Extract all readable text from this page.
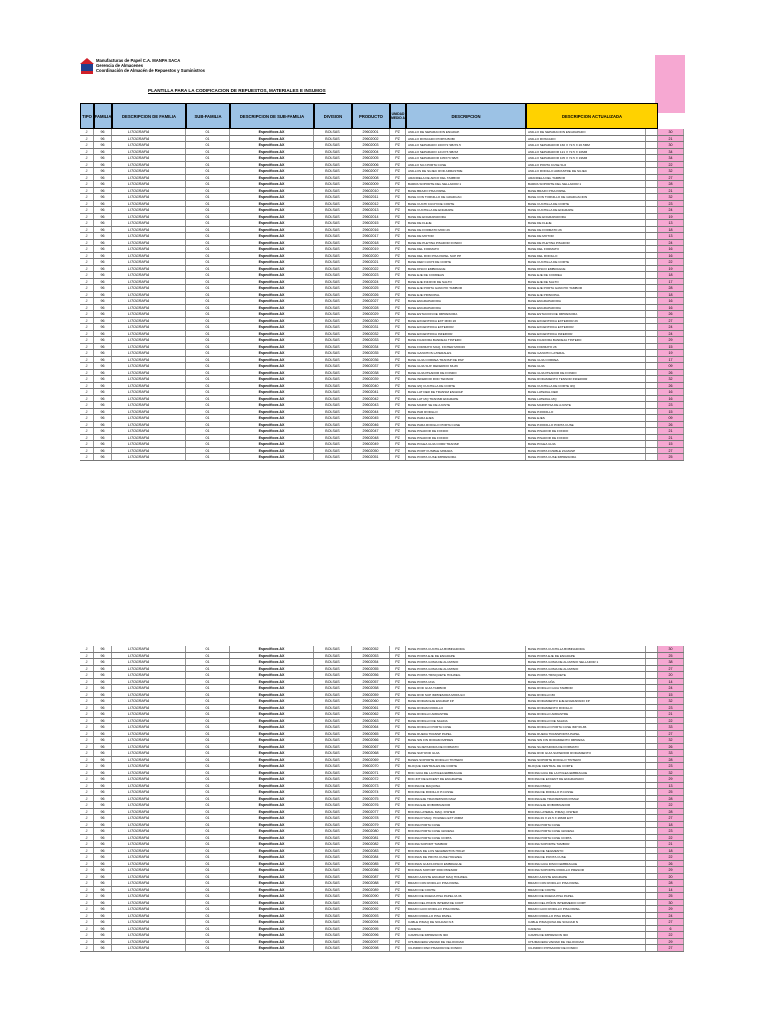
Manufacturas de Papel C.A. MANPA SACA
Gerencia de Almacenes
Coordinación de Almacén de Repuestos y Suministros
PLANTILLA PARA LA CODIFICACION DE REPUESTOS, MATERIALES E INSUMOS
TIPO FAMILIA	DESCRIPCION DE FAMILIA	SUB-FAMILIA	DESCRIPCION DE SUB-FAMILIA	DIVISION	PRODUCTO	UNIDAD MEDID A	DESCRIPCION	DESCRIPCION ACTUALIZADA
J	96	LITOGRAFIA	01	Especificos AX	BOLSAS	29602001	PZ	ANILLO DE SEPARACION ENGRAP.	ANILLO DE SEPARACION ENGRAPADO	30
J	96	LITOGRAFIA	01	Especificos AX	BOLSAS	29602002	PZ	ANILLO ROSCADO PORTA BOBI	ANILLO ROSCADO	21
J	96	LITOGRAFIA	01	Especificos AX	BOLSAS	29602003	PZ	ANILLO SEPARADO 160X72 SB/XS 5	ANILLO SEPARADOR 160 X 72.5 X 20.5MM	30
J	96	LITOGRAFIA	01	Especificos AX	BOLSAS	29602004	PZ	ANILLO SEPARADO 121X73 SB/XZ	ANILLO SEPARADOR 121 X 72.5 X 10MM	34
J	96	LITOGRAFIA	01	Especificos AX	BOLSAS	29602005	PZ	ANILLO SEPARADOR 105X73 SB/X	ANILLO SEPARADOR 105 X 72.5 X 19MM	34
J	96	LITOGRAFIA	01	Especificos AX	BOLSAS	29602006	PZ	ANILLO SUJ.PORTA CUSE	ANILLO PORTA CUSE SUJ	22
J	96	LITOGRAFIA	01	Especificos AX	BOLSAS	29602007	PZ	ANILLOS DE SUJEC ROD ARRASTRE	ANILLO RODILLO ARRASTRE DE SUJEC	32
J	96	LITOGRAFIA	01	Especificos AX	BOLSAS	29602008	PZ	ARANDELA DE ARCO DEL TAMBOR	ARANDELA DEL TAMBOR	27
J	96	LITOGRAFIA	01	Especificos AX	BOLSAS	29602009	PZ	BARRA SOPORTE DEL SELLADOR 1	BARRA SOPORTE DEL SELLADOR 1	28
J	96	LITOGRAFIA	01	Especificos AX	BOLSAS	29602010	PZ	BASE BRAZO PISA PAPEL	BASE BRAZO PISA PAPEL	21
J	96	LITOGRAFIA	01	Especificos AX	BOLSAS	29602011	PZ	BASE CON TORNILLO DE GRADUAC	BASE CON TORNILLO DE GRADUACION	32
J	96	LITOGRAFIA	01	Especificos AX	BOLSAS	29602012	PZ	BASE CUCHI CUCHI DE CORTE	BASE CUCHILLA DE CORTE	23
J	96	LITOGRAFIA	01	Especificos AX	BOLSAS	29602013	PZ	BASE CUCHILLA DE ENGRAPE	BASE CUCHILLA DE ENGRAPE	24
J	96	LITOGRAFIA	01	Especificos AX	BOLSAS	29602014	PZ	BASE DE ENGRAPADORA	BASE DE ENGRAPADORA	19
J	96	LITOGRAFIA	01	Especificos AX	BOLSAS	29602015	PZ	BASE DE FLEJE	BASE DE FLEJE	13
J	96	LITOGRAFIA	01	Especificos AX	BOLSAS	29602016	PZ	BASE DE FORMATO MOD 26	BASE DE FORMATO 26	18
J	96	LITOGRAFIA	01	Especificos AX	BOLSAS	29602017	PZ	BASE DE MOTOR	BASE DE MOTOR	13
J	96	LITOGRAFIA	01	Especificos AX	BOLSAS	29602018	PZ	BASE DE PLETINA PISADOR FONDO	BASE DE PLETINA PISADOR	24
J	96	LITOGRAFIA	01	Especificos AX	BOLSAS	29602019	PZ	BASE DEL FORMATO	BASE DEL FORMATO	16
J	96	LITOGRAFIA	01	Especificos AX	BOLSAS	29602020	PZ	BASE DEL ROD PISA PAPEL SUP PP	BASE DEL RODILLO	16
J	96	LITOGRAFIA	01	Especificos AX	BOLSAS	29602021	PZ	BASE DER CUCHI DE CORTE	BASE CUCHILLA DE CORTE	22
J	96	LITOGRAFIA	01	Especificos AX	BOLSAS	29602022	PZ	BASE DISCO EMBRAGUE	BASE DISCO EMBRAGUE	19
J	96	LITOGRAFIA	01	Especificos AX	BOLSAS	29602023	PZ	BASE EJE DE CORREAS	BASE EJE DE CORREA	18
J	96	LITOGRAFIA	01	Especificos AX	BOLSAS	29602024	PZ	BASE EJE INF.ROD DE SALTO	BASE EJE DE SALTO	17
J	96	LITOGRAFIA	01	Especificos AX	BOLSAS	29602025	PZ	BASE EJE PORTA GANCHO TAMBOR	BASE EJE PORTA GANCHO TAMBOR	28
J	96	LITOGRAFIA	01	Especificos AX	BOLSAS	29602026	PZ	BASE EJE PRINCIPAL	BASE EJE PRINCIPAL	18
J	96	LITOGRAFIA	01	Especificos AX	BOLSAS	29602027	PZ	BASE ENGRAPADORA	BASE ENGRAPADORA	16
J	96	LITOGRAFIA	01	Especificos AX	BOLSAS	29602028	PZ	BASE ENGRAPADORA	BASE ENGRAPADORA	16
J	96	LITOGRAFIA	01	Especificos AX	BOLSAS	29602029	PZ	BASE ESTACION DE IMPRESORA	BASE ESTACION DE IMPRESORA	26
J	96	LITOGRAFIA	01	Especificos AX	BOLSAS	29602030	PZ	BASE EXCENTRICA EXT MOD 26	BASE EXCENTRICA EXTERIOR 26	27
J	96	LITOGRAFIA	01	Especificos AX	BOLSAS	29602031	PZ	BASE EXCENTRICA EXTERIOR	BASE EXCENTRICA EXTERIOR	24
J	96	LITOGRAFIA	01	Especificos AX	BOLSAS	29602032	PZ	BASE EXCENTRICA INFERIOR	BASE EXCENTRICA INFERIOR	24
J	96	LITOGRAFIA	01	Especificos AX	BOLSAS	29602033	PZ	BASE FUADORA BANDEJA TINTERO	BASE FUADORA BANDEJA TINTERO	29
J	96	LITOGRAFIA	01	Especificos AX	BOLSAS	29602034	PZ	BASE FORMATO MAQ. FICHER MOD26	BASE FORMATO 26	15
J	96	LITOGRAFIA	01	Especificos AX	BOLSAS	29602035	PZ	BASE GANCHOS LATERALES	BASE GANCHO LATERAL	19
J	96	LITOGRAFIA	01	Especificos AX	BOLSAS	29602036	PZ	BASE GUIA CORREA TRANSP DE PAP	BASE GUIA CORREA	17
J	96	LITOGRAFIA	01	Especificos AX	BOLSAS	29602037	PZ	BASE GUIA SUP. REFERIDO 66-86	BASE GUIA	09
J	96	LITOGRAFIA	01	Especificos AX	BOLSAS	29602038	PZ	BASE GUIA PISADOR DE FONDO	BASE GUIA PISADOR DE FONDO	26
J	96	LITOGRAFIA	01	Especificos AX	BOLSAS	29602039	PZ	BASE INFERIOR ROD TENSOR	BASE RODAMIENTO TENSOR INFERIOR	32
J	96	LITOGRAFIA	01	Especificos AX	BOLSAS	29602040	PZ	BASE IZQ CUCHILLA DE CORTE	BASE CUCHILLA DE CORTE IZQ	26
J	96	LITOGRAFIA	01	Especificos AX	BOLSAS	29602041	PZ	BASE LAT DER DE TRANSM ENGRAP	BASE LATERAL DER	16
J	96	LITOGRAFIA	01	Especificos AX	BOLSAS	29602042	PZ	BASE LAT IZQ TRANSM ENGRAPE	BASE LATERAL IZQ	16
J	96	LITOGRAFIA	01	Especificos AX	BOLSAS	29602043	PZ	BASE MARIP. SE DE AJUSTE	BASE MARIPOSA DE AJUSTE	23
J	96	LITOGRAFIA	01	Especificos AX	BOLSAS	29602044	PZ	BASE PAR RODILLO	BASE P.RODILLO	15
J	96	LITOGRAFIA	01	Especificos AX	BOLSAS	29602045	PZ	BASE PARA EJES	BASE EJES	09
J	96	LITOGRAFIA	01	Especificos AX	BOLSAS	29602046	PZ	BASE PARA RODILLO PORTA CUSE	BASE P.RODILLO PORTA CUSE	26
J	96	LITOGRAFIA	01	Especificos AX	BOLSAS	29602047	PZ	BASE PISADOR DE FONDO	BASE PISADOR DE FONDO	21
J	96	LITOGRAFIA	01	Especificos AX	BOLSAS	29602048	PZ	BASE PISADOR DE FONDO	BASE PISADOR DE FONDO	21
J	96	LITOGRAFIA	01	Especificos AX	BOLSAS	29602049	PZ	BASE POLEA GUIA CORR TRANSP.	BASE POLEA GUIA	15
J	96	LITOGRAFIA	01	Especificos AX	BOLSAS	29602050	PZ	BASE PORT FUSIBLE M/MARA	BASE PORTA FUSIBLE Z/LMASP	27
J	96	LITOGRAFIA	01	Especificos AX	BOLSAS	29602051	PZ	BASE PORTA CUSE IMPRESORA	BASE PORTA CUSE IMPRESORA	25
J	96	LITOGRAFIA	01	Especificos AX	BOLSAS	29602052	PZ	BASE PORTA CUCHILLA BOBINADORA	BASE PORTA CUCHILLA BOBINADORA	30
J	96	LITOGRAFIA	01	Especificos AX	BOLSAS	29602053	PZ	BASE PORTA EJE DE ENGRAPE	BASE PORTA EJE DE ENGRAPE	25
J	96	LITOGRAFIA	01	Especificos AX	BOLSAS	29602054	PZ	BASE PORTA GOMA DE ALUMINIO	BASE PORTA GOMA DE ALUMINIO SELLADOR 1	38
J	96	LITOGRAFIA	01	Especificos AX	BOLSAS	29602055	PZ	BASE PORTA GOMA DE ALUMINIO	BASE PORTA GOMA DE ALUMINIO	27
J	96	LITOGRAFIA	01	Especificos AX	BOLSAS	29602056	PZ	BASE PORTA TRINQUETE HOLWEG	BASE PORTA TRINQUETE	20
J	96	LITOGRAFIA	01	Especificos AX	BOLSAS	29602057	PZ	BASE PORTA UNA	BASE PORTA UÑA	14
J	96	LITOGRAFIA	01	Especificos AX	BOLSAS	29602058	PZ	BASE ROD GUIA TAMBOR	BASE RODILLO GUIA TAMBOR	24
J	96	LITOGRAFIA	01	Especificos AX	BOLSAS	29602059	PZ	BASE ROD SUP IMPRESORA MODULO	BASE RODILLO 80	15
J	96	LITOGRAFIA	01	Especificos AX	BOLSAS	29602060	PZ	BASE RODAM EJE ENGRAP FP	BASE RODAMIENTO EJE ENGRAPADO FP	32
J	96	LITOGRAFIA	01	Especificos AX	BOLSAS	29602061	PZ	BASE RODAM RODILLO	BASE RODAMIENTO RODILLO	23
J	96	LITOGRAFIA	01	Especificos AX	BOLSAS	29602062	PZ	BASE RODILLO ARRASTRE	BASE RODILLO ARRASTRE	21
J	96	LITOGRAFIA	01	Especificos AX	BOLSAS	29602063	PZ	BASE RODILLO DE SALIDA	BASE RODILLO DE SALIDA	22
J	96	LITOGRAFIA	01	Especificos AX	BOLSAS	29602064	PZ	BASE RODILLO PORTA CUSE	BASE RODILLO PORTA CUSE IMP 66-86	33
J	96	LITOGRAFIA	01	Especificos AX	BOLSAS	29602065	PZ	BASE RUEDA TRANSP PAPEL	BASE RUEDA TRANSPORTA PAPEL	27
J	96	LITOGRAFIA	01	Especificos AX	BOLSAS	29602066	PZ	BASE SIN FIN RODAM IMPRES	BASE SIN FIN RODAMIENTO IMPRESA	32
J	96	LITOGRAFIA	01	Especificos AX	BOLSAS	29602067	PZ	BASE SUJETADORA DE FORMATO	BASE SUJETADORA DE FORMATO	26
J	96	LITOGRAFIA	01	Especificos AX	BOLSAS	29602068	PZ	BASE SUP ROD GUIA	BASE ROD GUIA SUPERIOR RODAMIENTO	33
J	96	LITOGRAFIA	01	Especificos AX	BOLSAS	29602069	PZ	BASES SOPORTE RODILLO TINTERO	BASE SOPORTE RODILLO TINTERO	28
J	96	LITOGRAFIA	01	Especificos AX	BOLSAS	29602070	PZ	BLOQUE CENTRALES DE CORTE	BLOQUE CENTRAL DE CORTE	23
J	96	LITOGRAFIA	01	Especificos AX	BOLSAS	29602071	PZ	BOC GUIA DE LA POLEA EMBRAGUE	BOCINA GUIA DE LA POLEA EMBRAGUE	32
J	96	LITOGRAFIA	01	Especificos AX	BOLSAS	29602072	PZ	BOC.INT DE EXCENT DE ENGRAPSE	BOCINA DE EXCENT DE ENGRAPADO	29
J	96	LITOGRAFIA	01	Especificos AX	BOLSAS	29602073	PZ	BOCINA DE MAQUINA	BOCINA P/MAQ	13
J	96	LITOGRAFIA	01	Especificos AX	BOLSAS	29602074	PZ	BOCINA DE RODILLO P.CUSSE	BOCINA DE RODILLO P.CUSSE	25
J	96	LITOGRAFIA	01	Especificos AX	BOLSAS	29602075	PZ	BOCINA EJE TRANSMISION MAZ	BOCINA EJE TRANSMISION P/MAZ	28
J	96	LITOGRAFIA	01	Especificos AX	BOLSAS	29602076	PZ	BOCINA EJE ROBOBINADOR	BOCINA EJE ROBOBINADOR	22
J	96	LITOGRAFIA	01	Especificos AX	BOLSAS	29602077	PZ	BOCINA LATERAL MAQ. FISHER	BOCINA LATERAL P/MAQ. FISHER	28
J	96	LITOGRAFIA	01	Especificos AX	BOLSAS	29602078	PZ	BOCINA P/ MAQ. HOLWEG EXT 29MM	BOCINA 29 X 22.5 X 26MM EXT	27
J	96	LITOGRAFIA	01	Especificos AX	BOLSAS	29602079	PZ	BOCINA PORTA CUSE	BOCINA PORTA CUSE	18
J	96	LITOGRAFIA	01	Especificos AX	BOLSAS	29602080	PZ	BOCINA PORTA CUSE GRUESA	BOCINA PORTA CUSE GRUESA	23
J	96	LITOGRAFIA	01	Especificos AX	BOLSAS	29602081	PZ	BOCINA PORTA CUSE CORTA	BOCINA PORTA CUSE CORTA	22
J	96	LITOGRAFIA	01	Especificos AX	BOLSAS	29602082	PZ	BOCINA SOPORT TAMBOR	BOCINA SOPORTE TAMBOR	21
J	96	LITOGRAFIA	01	Especificos AX	BOLSAS	29602083	PZ	BOCINAS DE LOS SEGMENTOS HOLW	BOCINA DE SEGMENTO	18
J	96	LITOGRAFIA	01	Especificos AX	BOLSAS	29602084	PZ	BOCINAS DE PROTA CUSE HOLWEG	BOCINA DE P.ROTA CUSE	22
J	96	LITOGRAFIA	01	Especificos AX	BOLSAS	29602085	PZ	BOCINAS GUIAS DISCO EMBRAGUE	BOCINA GUIA DISCO EMBRAGUE	26
J	96	LITOGRAFIA	01	Especificos AX	BOLSAS	29602086	PZ	BOCINAS SOPORT ROD PRESOR	BOCINA SOPORTE RODILLO PRESOR	29
J	96	LITOGRAFIA	01	Especificos AX	BOLSAS	29602087	PZ	BRAZO AJUSTE ENGRAP MAQ HOLWEG	BRAZO AJUSTE ENGRAPE	20
J	96	LITOGRAFIA	01	Especificos AX	BOLSAS	29602088	PZ	BRAZO CON RODILLO PISA PAPEL	BRAZO CON RODILLO PISA PAPEL	28
J	96	LITOGRAFIA	01	Especificos AX	BOLSAS	29602089	PZ	BRAZO DE CORTE	BRAZO DE CORTE	14
J	96	LITOGRAFIA	01	Especificos AX	BOLSAS	29602090	PZ	BRAZO DE RUEDA PISA PAPEL M-36	BRAZO DE RUEDA PISA PAPEL	25
J	96	LITOGRAFIA	01	Especificos AX	BOLSAS	29602091	PZ	BRAZO DEL PINON INTERM DE CORT	BRAZO DEL PIÑON INTERMEDIO CORT	30
J	96	LITOGRAFIA	01	Especificos AX	BOLSAS	29602092	PZ	BRAZO GUIO RODILLO PISA PAPEL	BRAZO GUIO RODILLO PISA PAPEL	29
J	96	LITOGRAFIA	01	Especificos AX	BOLSAS	29602093	PZ	BRAZO RODILLO PISA PAPEL	BRAZO RODILLO PISA PAPEL	24
J	96	LITOGRAFIA	01	Especificos AX	BOLSAS	29602094	PZ	CABLE P/MAQ DE SOLDAR N 8	CABLE P/MAQUINA DE SOLDAR N	27
J	96	LITOGRAFIA	01	Especificos AX	BOLSAS	29602095	PZ	CADENA	CADENA	6
J	96	LITOGRAFIA	01	Especificos AX	BOLSAS	29602096	PZ	CAMPA DE IMPRESION 300	CAMPA DE IMPRESION 300	22
J	96	LITOGRAFIA	01	Especificos AX	BOLSAS	29602097	PZ	CHUMACERA VARIAD DE VELOCIDAD	CHUMACERA VARIAD DE VELOCIDAD	29
J	96	LITOGRAFIA	01	Especificos AX	BOLSAS	29602098	PZ	CILINDRO PAR PISADOR DE FONDO	CILINDRO P/PISADOR DE FONDO	27
